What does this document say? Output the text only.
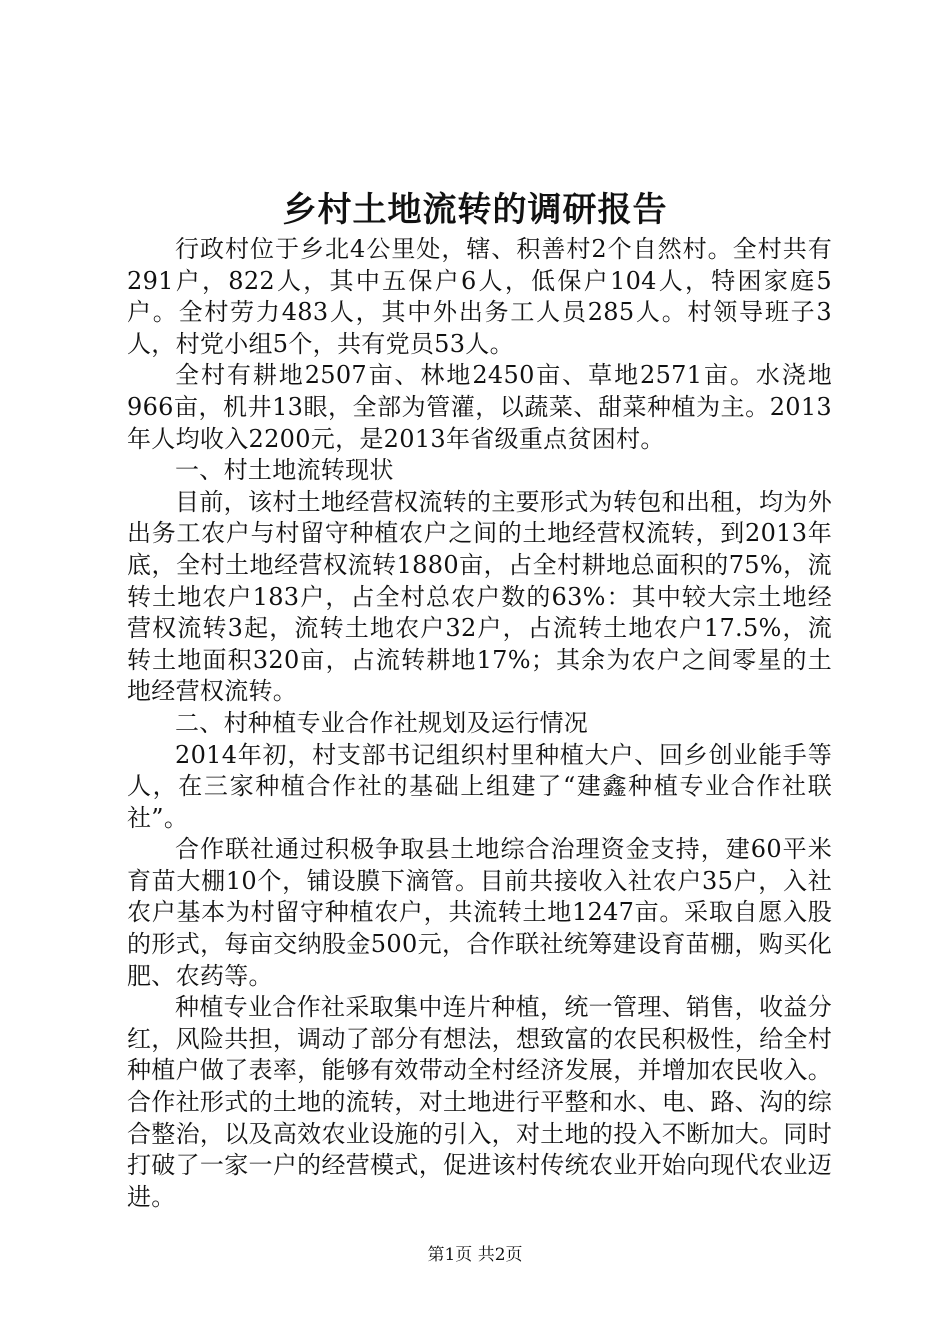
乡村土地流转的调研报告

行政村位于乡北4公里处，辖、积善村2个自然村。全村共有291户，822人，其中五保户6人，低保户104人，特困家庭5户。全村劳力483人，其中外出务工人员285人。村领导班子3人，村党小组5个，共有党员53人。

全村有耕地2507亩、林地2450亩、草地2571亩。水浇地966亩，机井13眼，全部为管灌，以蔬菜、甜菜种植为主。2013年人均收入2200元，是2013年省级重点贫困村。

一、村土地流转现状

目前，该村土地经营权流转的主要形式为转包和出租，均为外出务工农户与村留守种植农户之间的土地经营权流转，到2013年底，全村土地经营权流转1880亩，占全村耕地总面积的75%，流转土地农户183户，占全村总农户数的63%：其中较大宗土地经营权流转3起，流转土地农户32户，占流转土地农户17.5%，流转土地面积320亩，占流转耕地17%；其余为农户之间零星的土地经营权流转。

二、村种植专业合作社规划及运行情况

2014年初，村支部书记组织村里种植大户、回乡创业能手等人，在三家种植合作社的基础上组建了“建鑫种植专业合作社联社”。

合作联社通过积极争取县土地综合治理资金支持，建60平米育苗大棚10个，铺设膜下滴管。目前共接收入社农户35户，入社农户基本为村留守种植农户，共流转土地1247亩。采取自愿入股的形式，每亩交纳股金500元，合作联社统筹建设育苗棚，购买化肥、农药等。

种植专业合作社采取集中连片种植，统一管理、销售，收益分红，风险共担，调动了部分有想法，想致富的农民积极性，给全村种植户做了表率，能够有效带动全村经济发展，并增加农民收入。合作社形式的土地的流转，对土地进行平整和水、电、路、沟的综合整治，以及高效农业设施的引入，对土地的投入不断加大。同时打破了一家一户的经营模式，促进该村传统农业开始向现代农业迈进。

第1页 共2页
